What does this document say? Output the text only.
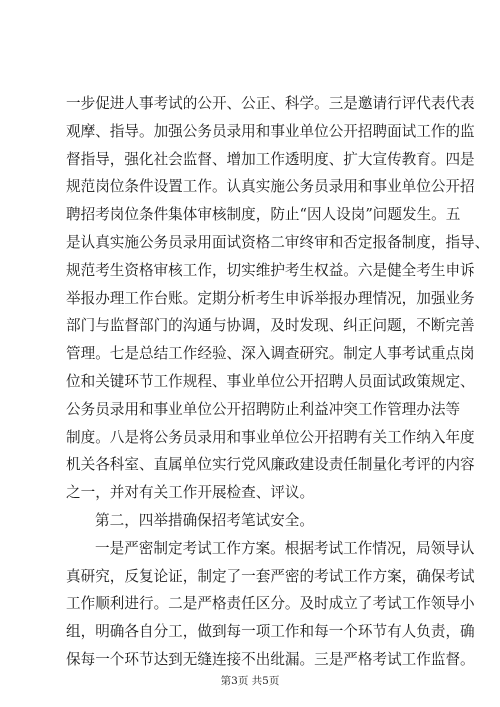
一步促进人事考试的公开、公正、科学。三是邀请行评代表代表
观摩、指导。加强公务员录用和事业单位公开招聘面试工作的监
督指导，强化社会监督、增加工作透明度、扩大宣传教育。四是
规范岗位条件设置工作。认真实施公务员录用和事业单位公开招
聘招考岗位条件集体审核制度，防止“因人设岗”问题发生。五
是认真实施公务员录用面试资格二审终审和否定报备制度，指导、
规范考生资格审核工作，切实维护考生权益。六是健全考生申诉
举报办理工作台账。定期分析考生申诉举报办理情况，加强业务
部门与监督部门的沟通与协调，及时发现、纠正问题，不断完善
管理。七是总结工作经验、深入调查研究。制定人事考试重点岗
位和关键环节工作规程、事业单位公开招聘人员面试政策规定、
公务员录用和事业单位公开招聘防止利益冲突工作管理办法等
制度。八是将公务员录用和事业单位公开招聘有关工作纳入年度
机关各科室、直属单位实行党风廉政建设责任制量化考评的内容
之一，并对有关工作开展检查、评议。
第二，四举措确保招考笔试安全。
一是严密制定考试工作方案。根据考试工作情况，局领导认
真研究，反复论证，制定了一套严密的考试工作方案，确保考试
工作顺利进行。二是严格责任区分。及时成立了考试工作领导小
组，明确各自分工，做到每一项工作和每一个环节有人负责，确
保每一个环节达到无缝连接不出纰漏。三是严格考试工作监督。
第3页 共5页
